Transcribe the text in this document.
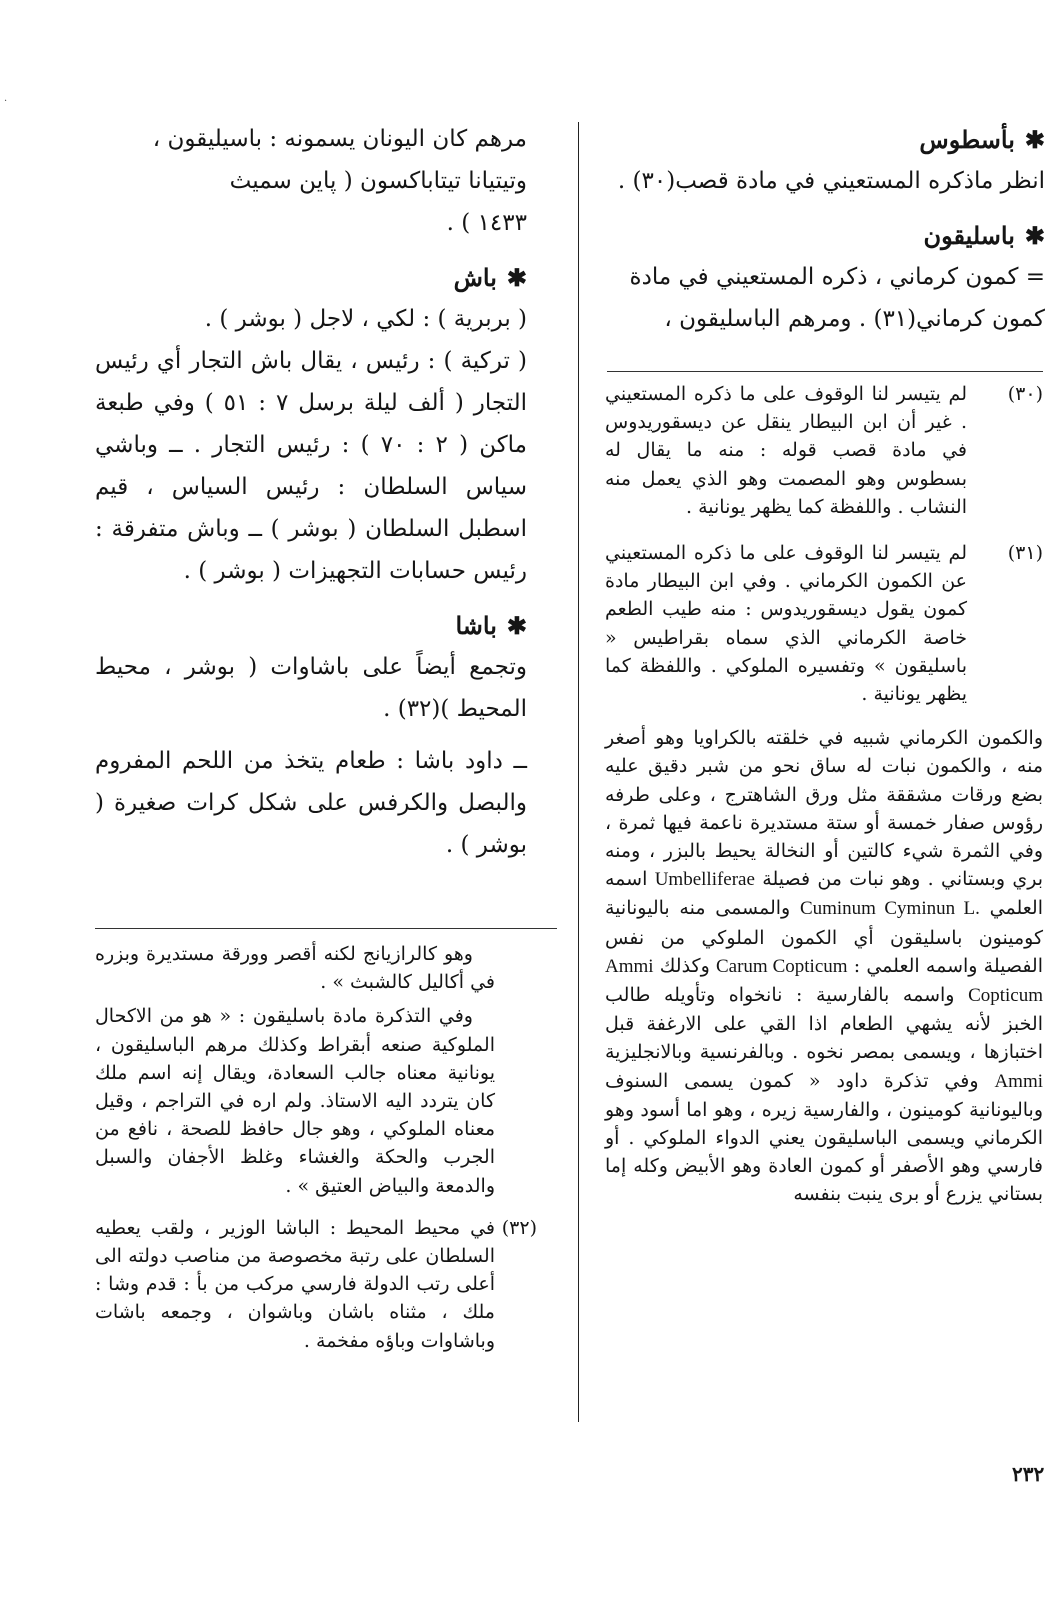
·

✱بأسطوس

انظر ماذكره المستعيني في مادة قصب(٣٠) .

✱باسليقون

= كمون كرماني ، ذكره المستعيني في مادة

كمون كرماني(٣١) . ومرهم الباسليقون ،

(٣٠)
لم يتيسر لنا الوقوف على ما ذكره المستعيني . غير أن ابن البيطار ينقل عن ديسقوريدوس في مادة قصب قوله : منه ما يقال له بسطوس وهو المصمت وهو الذي يعمل منه النشاب . واللفظة كما يظهر يونانية .
(٣١)
لم يتيسر لنا الوقوف على ما ذكره المستعيني عن الكمون الكرماني . وفي ابن البيطار مادة كمون يقول ديسقوريدوس : منه طيب الطعم خاصة الكرماني الذي سماه بقراطيس « باسليقون » وتفسيره الملوكي . واللفظة كما يظهر يونانية .
والكمون الكرماني شبيه في خلقته بالكراويا وهو أصغر منه ، والكمون نبات له ساق نحو من شبر دقيق عليه بضع ورقات مشققة مثل ورق الشاهترج ، وعلى طرفه رؤوس صفار خمسة أو ستة مستديرة ناعمة فيها ثمرة ، وفي الثمرة شيء كالتين أو النخالة يحيط بالبزر ، ومنه بري وبستاني . وهو نبات من فصيلة Umbelliferae اسمه العلمي Cuminum Cyminun L. والمسمى منه باليونانية كومينون باسليقون أي الكمون الملوكي من نفس الفصيلة واسمه العلمي : Carum Copticum وكذلك Ammi Copticum واسمه بالفارسية : نانخواه وتأويله طالب الخبز لأنه يشهي الطعام اذا القي على الارغفة قبل اختبازها ، ويسمى بمصر نخوه . وبالفرنسية وبالانجليزية Ammi وفي تذكرة داود « كمون يسمى السنوف وباليونانية كومينون ، والفارسية زيره ، وهو اما أسود وهو الكرماني ويسمى الباسليقون يعني الدواء الملوكي . أو فارسي وهو الأصفر أو كمون العادة وهو الأبيض وكله إما بستاني يزرع أو برى ينبت بنفسه

مرهم كان اليونان يسمونه : باسيليقون ،

وتيتيانا تيتاباكسون ( پاين سميث

١٤٣٣ ) .

✱باش

( بربرية ) : لكي ، لاجل ( بوشر ) .

( تركية ) : رئيس ، يقال باش التجار أي رئيس التجار ( ألف ليلة برسل ٧ : ٥١ ) وفي طبعة ماكن ( ٢ : ٧٠ ) : رئيس التجار . ــ وباشي سياس السلطان : رئيس السياس ، قيم اسطبل السلطان ( بوشر ) ــ وباش متفرقة : رئيس حسابات التجهيزات ( بوشر ) .

✱باشا

وتجمع أيضاً على باشاوات ( بوشر ، محيط المحيط )(٣٢) .

ــ داود باشا : طعام يتخذ من اللحم المفروم والبصل والكرفس على شكل كرات صغيرة ( بوشر ) .

وهو كالرازيانج لكنه أقصر وورقة مستديرة وبزره في أكاليل كالشبث » .
وفي التذكرة مادة باسليقون : « هو من الاكحال الملوكية صنعه أبقراط وكذلك مرهم الباسليقون ، يونانية معناه جالب السعادة، ويقال إنه اسم ملك كان يتردد اليه الاستاذ. ولم اره في التراجم ، وقيل معناه الملوكي ، وهو جال حافظ للصحة ، نافع من الجرب والحكة والغشاء وغلظ الأجفان والسبل والدمعة والبياض العتيق » .
(٣٢)
في محيط المحيط : الباشا الوزير ، ولقب يعطيه السلطان على رتبة مخصوصة من مناصب دولته الى أعلى رتب الدولة فارسي مركب من بأ : قدم وشا : ملك ، مثناه باشان وباشوان ، وجمعه باشات وباشاوات وباؤه مفخمة .
٢٣٢
